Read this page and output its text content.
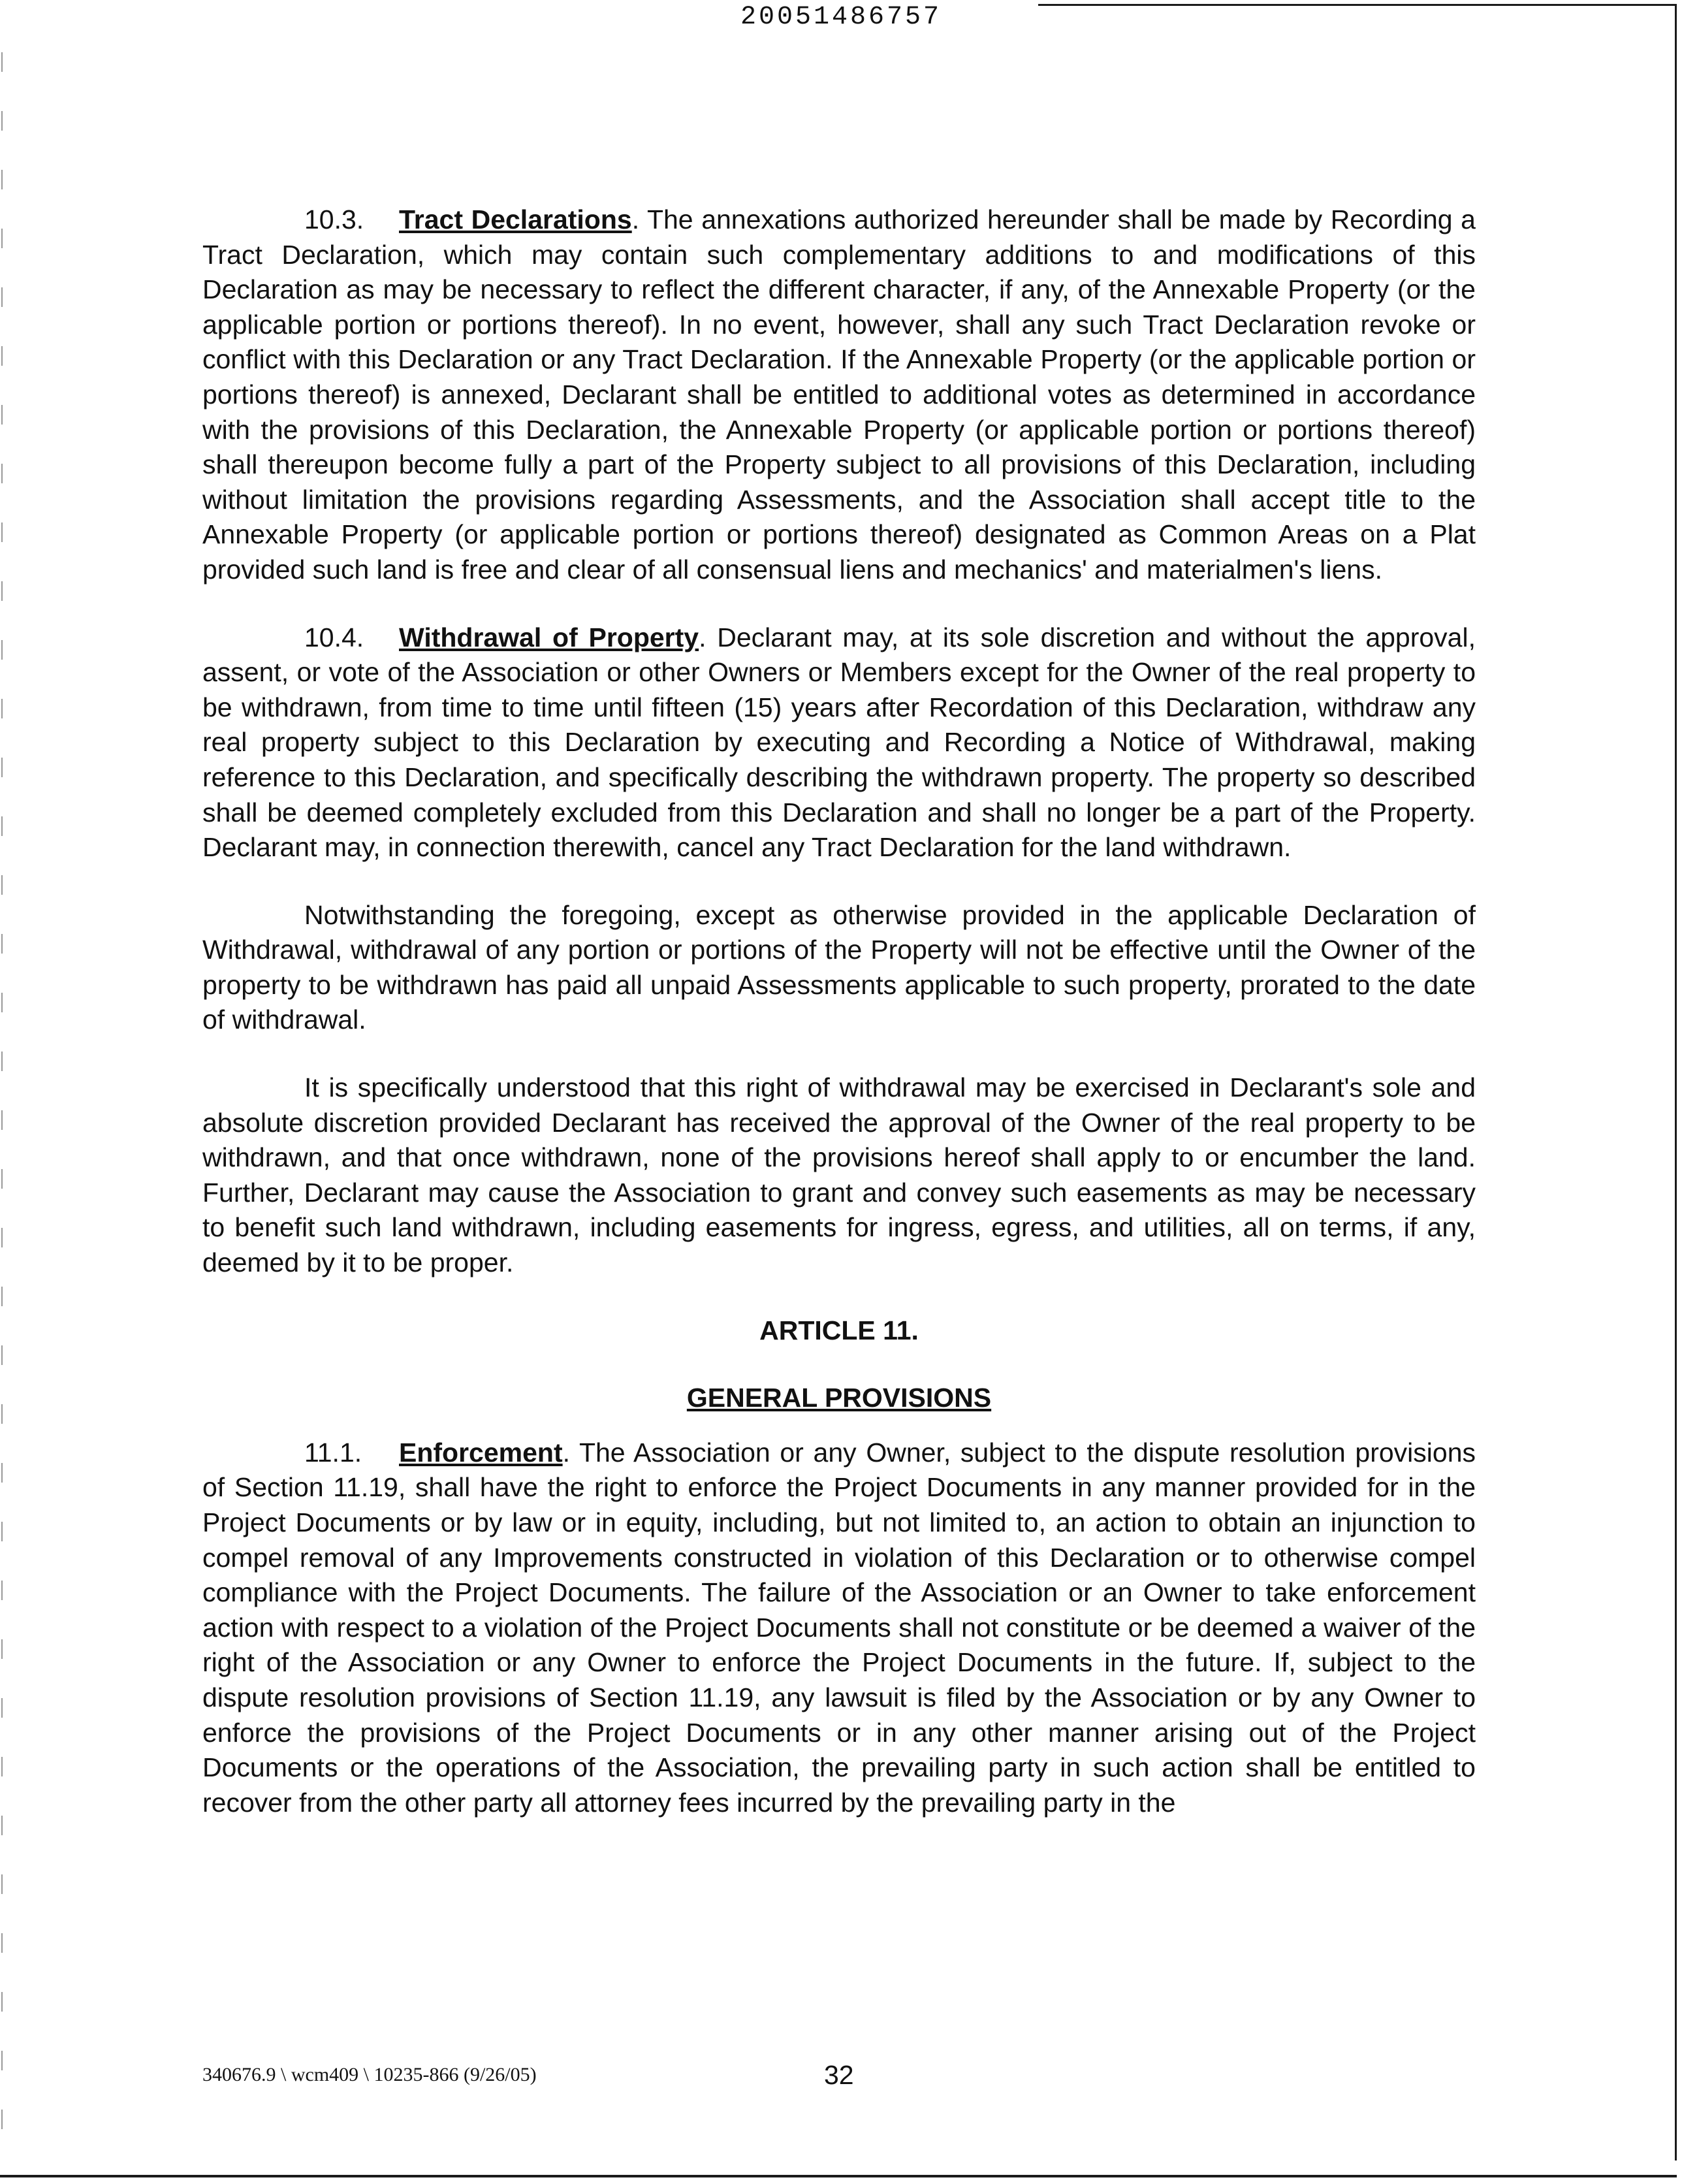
20051486757

10.3. Tract Declarations. The annexations authorized hereunder shall be made by Recording a Tract Declaration, which may contain such complementary additions to and modifications of this Declaration as may be necessary to reflect the different character, if any, of the Annexable Property (or the applicable portion or portions thereof). In no event, however, shall any such Tract Declaration revoke or conflict with this Declaration or any Tract Declaration. If the Annexable Property (or the applicable portion or portions thereof) is annexed, Declarant shall be entitled to additional votes as determined in accordance with the provisions of this Declaration, the Annexable Property (or applicable portion or portions thereof) shall thereupon become fully a part of the Property subject to all provisions of this Declaration, including without limitation the provisions regarding Assessments, and the Association shall accept title to the Annexable Property (or applicable portion or portions thereof) designated as Common Areas on a Plat provided such land is free and clear of all consensual liens and mechanics' and materialmen's liens.

10.4. Withdrawal of Property. Declarant may, at its sole discretion and without the approval, assent, or vote of the Association or other Owners or Members except for the Owner of the real property to be withdrawn, from time to time until fifteen (15) years after Recordation of this Declaration, withdraw any real property subject to this Declaration by executing and Recording a Notice of Withdrawal, making reference to this Declaration, and specifically describing the withdrawn property. The property so described shall be deemed completely excluded from this Declaration and shall no longer be a part of the Property. Declarant may, in connection therewith, cancel any Tract Declaration for the land withdrawn.

Notwithstanding the foregoing, except as otherwise provided in the applicable Declaration of Withdrawal, withdrawal of any portion or portions of the Property will not be effective until the Owner of the property to be withdrawn has paid all unpaid Assessments applicable to such property, prorated to the date of withdrawal.

It is specifically understood that this right of withdrawal may be exercised in Declarant's sole and absolute discretion provided Declarant has received the approval of the Owner of the real property to be withdrawn, and that once withdrawn, none of the provisions hereof shall apply to or encumber the land. Further, Declarant may cause the Association to grant and convey such easements as may be necessary to benefit such land withdrawn, including easements for ingress, egress, and utilities, all on terms, if any, deemed by it to be proper.

ARTICLE 11.
GENERAL PROVISIONS

11.1. Enforcement. The Association or any Owner, subject to the dispute resolution provisions of Section 11.19, shall have the right to enforce the Project Documents in any manner provided for in the Project Documents or by law or in equity, including, but not limited to, an action to obtain an injunction to compel removal of any Improvements constructed in violation of this Declaration or to otherwise compel compliance with the Project Documents. The failure of the Association or an Owner to take enforcement action with respect to a violation of the Project Documents shall not constitute or be deemed a waiver of the right of the Association or any Owner to enforce the Project Documents in the future. If, subject to the dispute resolution provisions of Section 11.19, any lawsuit is filed by the Association or by any Owner to enforce the provisions of the Project Documents or in any other manner arising out of the Project Documents or the operations of the Association, the prevailing party in such action shall be entitled to recover from the other party all attorney fees incurred by the prevailing party in the

340676.9 \ wcm409 \ 10235-866 (9/26/05)	32
